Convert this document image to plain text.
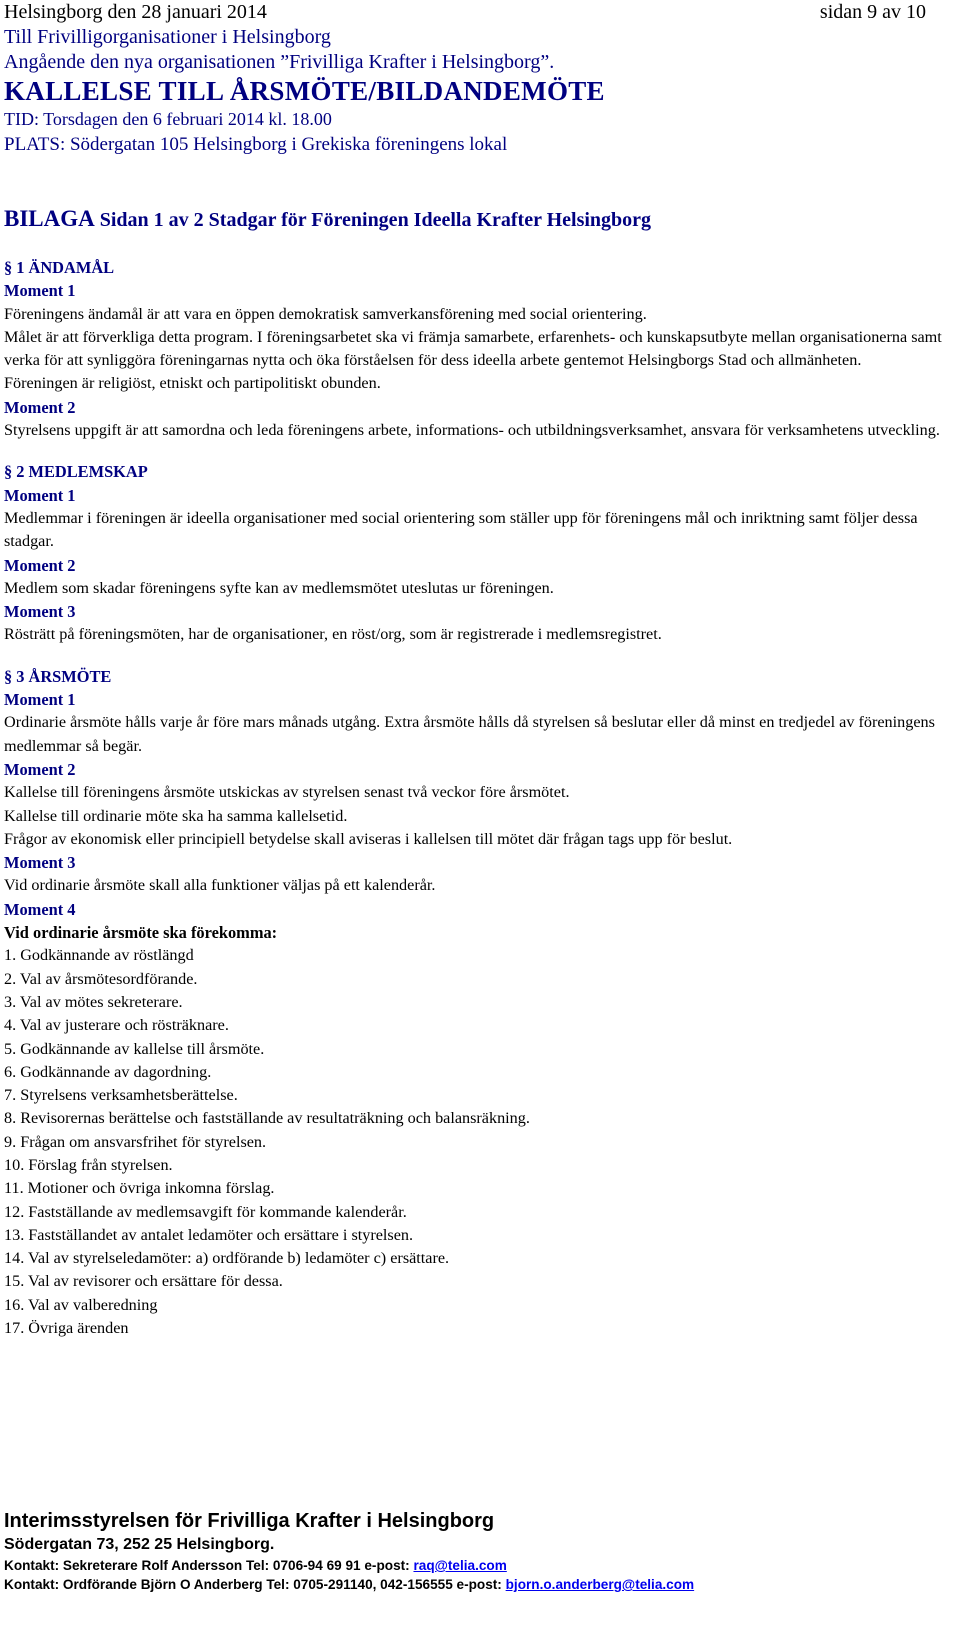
Helsingborg den 28 januari 2014	sidan 9 av 10
Till Frivilligorganisationer i Helsingborg
Angående den nya organisationen ”Frivilliga Krafter i Helsingborg”.
KALLELSE TILL ÅRSMÖTE/BILDANDEMÖTE
TID: Torsdagen den 6 februari 2014 kl. 18.00
PLATS: Södergatan 105 Helsingborg i Grekiska föreningens lokal
BILAGA Sidan 1 av 2 Stadgar för Föreningen Ideella Krafter Helsingborg

§ 1 ÄNDAMÅL

Moment 1

Föreningens ändamål är att vara en öppen demokratisk samverkansförening med social orientering.

Målet är att förverkliga detta program. I föreningsarbetet ska vi främja samarbete, erfarenhets- och kunskapsutbyte mellan organisationerna samt verka för att synliggöra föreningarnas nytta och öka förståelsen för dess ideella arbete gentemot Helsingborgs Stad och allmänheten.

Föreningen är religiöst, etniskt och partipolitiskt obunden.

Moment 2

Styrelsens uppgift är att samordna och leda föreningens arbete, informations- och utbildningsverksamhet, ansvara för verksamhetens utveckling.

§ 2 MEDLEMSKAP

Moment 1

Medlemmar i föreningen är ideella organisationer med social orientering som ställer upp för föreningens mål och inriktning samt följer dessa stadgar.

Moment 2

Medlem som skadar föreningens syfte kan av medlemsmötet uteslutas ur föreningen.

Moment 3

Rösträtt på föreningsmöten, har de organisationer, en röst/org, som är registrerade i medlemsregistret.

§ 3 ÅRSMÖTE

Moment 1

Ordinarie årsmöte hålls varje år före mars månads utgång. Extra årsmöte hålls då styrelsen så beslutar eller då minst en tredjedel av föreningens medlemmar så begär.

Moment 2

Kallelse till föreningens årsmöte utskickas av styrelsen senast två veckor före årsmötet.

Kallelse till ordinarie möte ska ha samma kallelsetid.

Frågor av ekonomisk eller principiell betydelse skall aviseras i kallelsen till mötet där frågan tags upp för beslut.

Moment 3

Vid ordinarie årsmöte skall alla funktioner väljas på ett kalenderår.

Moment 4

Vid ordinarie årsmöte ska förekomma:

1. Godkännande av röstlängd

2. Val av årsmötesordförande.

3. Val av mötes sekreterare.

4. Val av justerare och rösträknare.

5. Godkännande av kallelse till årsmöte.

6. Godkännande av dagordning.

7. Styrelsens verksamhetsberättelse.

8. Revisorernas berättelse och fastställande av resultaträkning och balansräkning.

9. Frågan om ansvarsfrihet för styrelsen.

10. Förslag från styrelsen.

11. Motioner och övriga inkomna förslag.

12. Fastställande av medlemsavgift för kommande kalenderår.

13. Fastställandet av antalet ledamöter och ersättare i styrelsen.

14. Val av styrelseledamöter: a) ordförande b) ledamöter c) ersättare.

15. Val av revisorer och ersättare för dessa.

16. Val av valberedning

17. Övriga ärenden

Interimsstyrelsen för Frivilliga Krafter i Helsingborg
Södergatan 73, 252 25 Helsingborg.
Kontakt: Sekreterare Rolf Andersson Tel: 0706-94 69 91 e-post: raq@telia.com
Kontakt: Ordförande Björn O Anderberg Tel: 0705-291140, 042-156555 e-post: bjorn.o.anderberg@telia.com
